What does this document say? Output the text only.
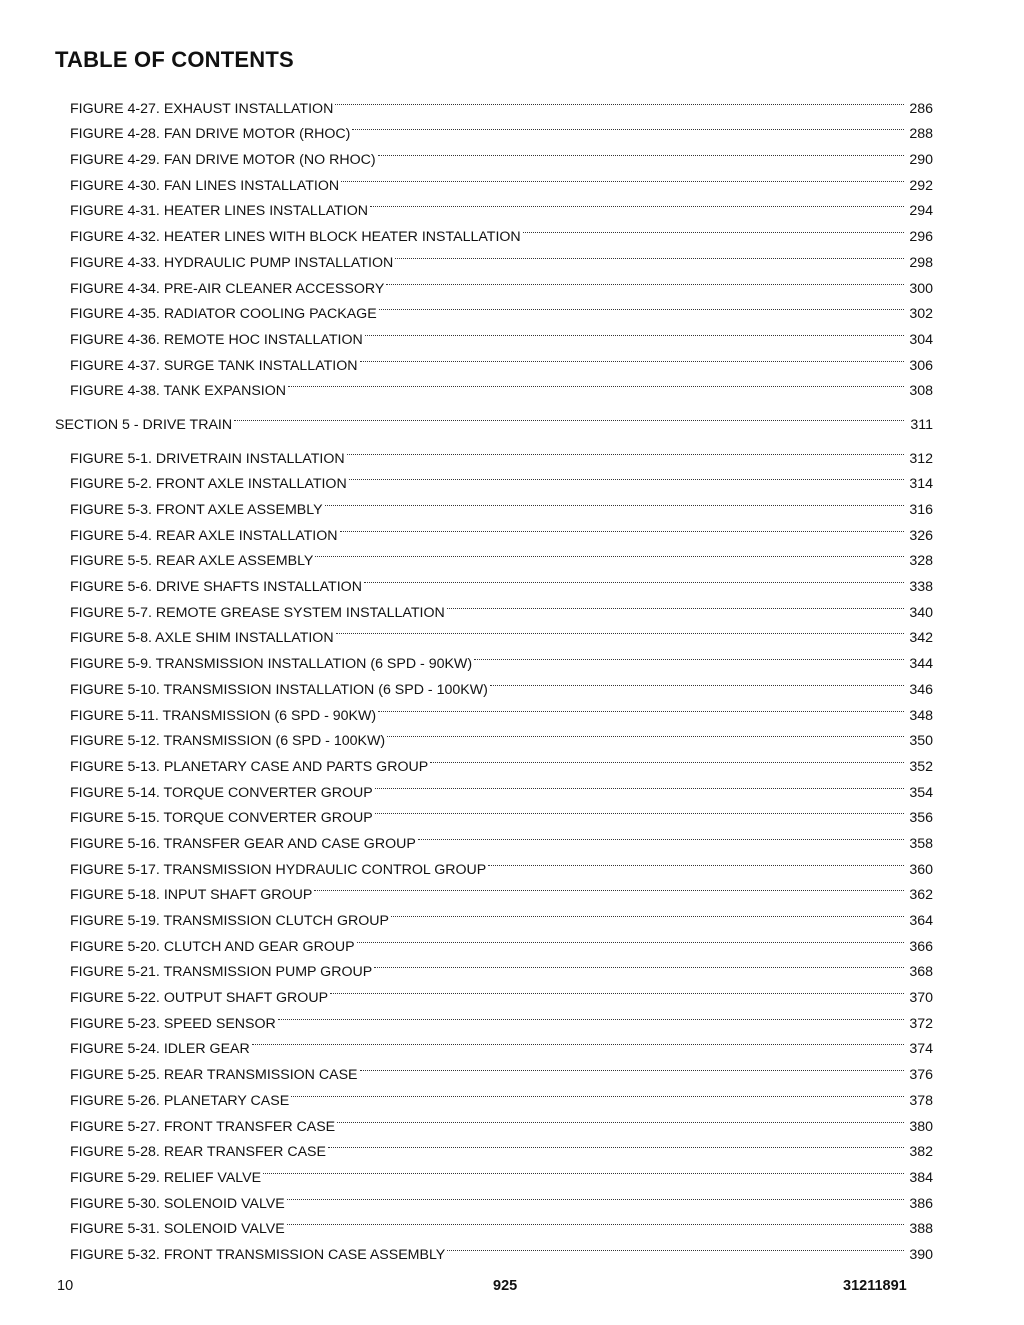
TABLE OF CONTENTS
FIGURE 4-27. EXHAUST INSTALLATION	286
FIGURE 4-28. FAN DRIVE MOTOR (RHOC)	288
FIGURE 4-29. FAN DRIVE MOTOR (NO RHOC)	290
FIGURE 4-30. FAN LINES INSTALLATION	292
FIGURE 4-31. HEATER LINES INSTALLATION	294
FIGURE 4-32. HEATER LINES WITH BLOCK HEATER INSTALLATION	296
FIGURE 4-33. HYDRAULIC PUMP INSTALLATION	298
FIGURE 4-34. PRE-AIR CLEANER ACCESSORY	300
FIGURE 4-35. RADIATOR COOLING PACKAGE	302
FIGURE 4-36. REMOTE HOC INSTALLATION	304
FIGURE 4-37. SURGE TANK INSTALLATION	306
FIGURE 4-38. TANK EXPANSION	308
SECTION 5 - DRIVE TRAIN	311
FIGURE 5-1. DRIVETRAIN INSTALLATION	312
FIGURE 5-2. FRONT AXLE INSTALLATION	314
FIGURE 5-3. FRONT AXLE ASSEMBLY	316
FIGURE 5-4. REAR AXLE INSTALLATION	326
FIGURE 5-5. REAR AXLE ASSEMBLY	328
FIGURE 5-6. DRIVE SHAFTS INSTALLATION	338
FIGURE 5-7. REMOTE GREASE SYSTEM INSTALLATION	340
FIGURE 5-8. AXLE SHIM INSTALLATION	342
FIGURE 5-9. TRANSMISSION INSTALLATION (6 SPD - 90KW)	344
FIGURE 5-10. TRANSMISSION INSTALLATION (6 SPD - 100KW)	346
FIGURE 5-11. TRANSMISSION (6 SPD - 90KW)	348
FIGURE 5-12. TRANSMISSION (6 SPD - 100KW)	350
FIGURE 5-13. PLANETARY CASE AND PARTS GROUP	352
FIGURE 5-14. TORQUE CONVERTER GROUP	354
FIGURE 5-15. TORQUE CONVERTER GROUP	356
FIGURE 5-16. TRANSFER GEAR AND CASE GROUP	358
FIGURE 5-17. TRANSMISSION HYDRAULIC CONTROL GROUP	360
FIGURE 5-18. INPUT SHAFT GROUP	362
FIGURE 5-19. TRANSMISSION CLUTCH GROUP	364
FIGURE 5-20. CLUTCH AND GEAR GROUP	366
FIGURE 5-21. TRANSMISSION PUMP GROUP	368
FIGURE 5-22. OUTPUT SHAFT GROUP	370
FIGURE 5-23. SPEED SENSOR	372
FIGURE 5-24. IDLER GEAR	374
FIGURE 5-25. REAR TRANSMISSION CASE	376
FIGURE 5-26. PLANETARY CASE	378
FIGURE 5-27. FRONT TRANSFER CASE	380
FIGURE 5-28. REAR TRANSFER CASE	382
FIGURE 5-29. RELIEF VALVE	384
FIGURE 5-30. SOLENOID VALVE	386
FIGURE 5-31. SOLENOID VALVE	388
FIGURE 5-32. FRONT TRANSMISSION CASE ASSEMBLY	390
10	925	31211891
